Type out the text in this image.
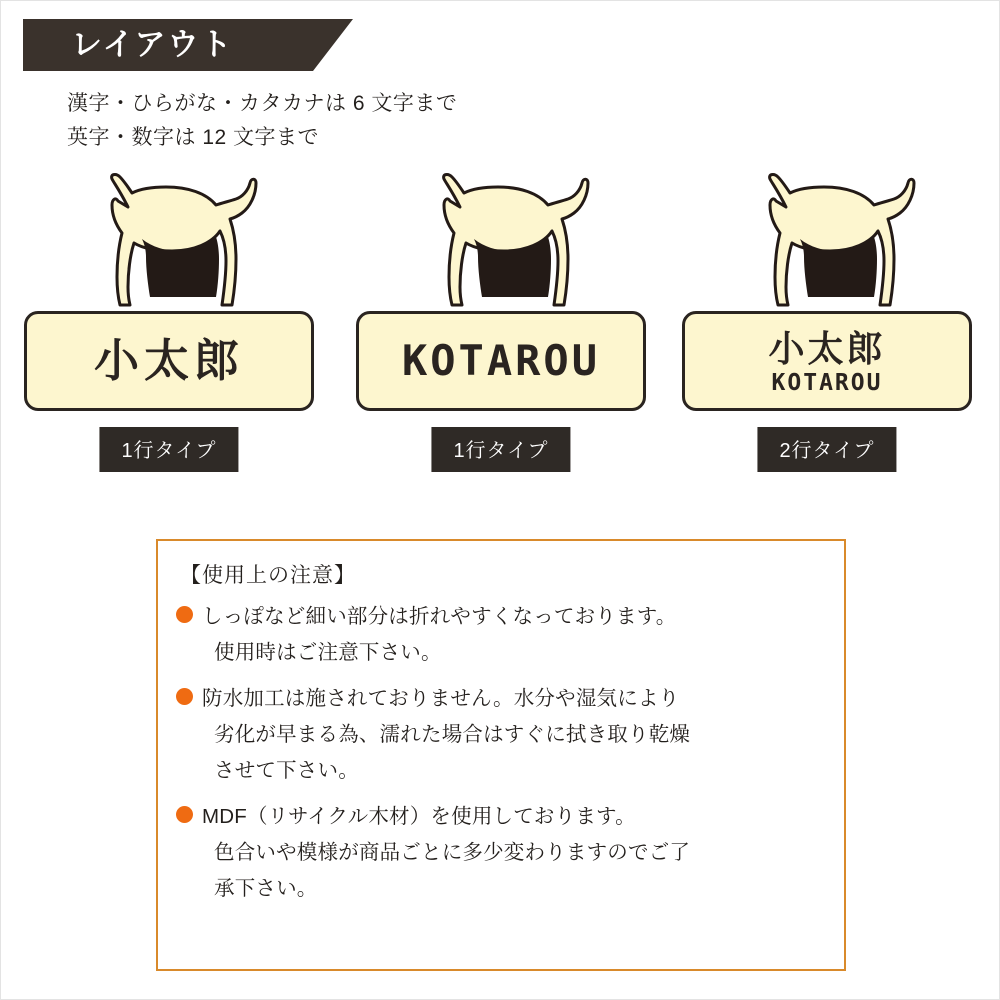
レイアウト
漢字・ひらがな・カタカナは 6 文字まで
英字・数字は 12 文字まで
小太郎
1行タイプ
KOTAROU
1行タイプ
小太郎
KOTAROU
2行タイプ
【使用上の注意】
しっぽなど細い部分は折れやすくなっております。
使用時はご注意下さい。
防水加工は施されておりません。水分や湿気により
劣化が早まる為、濡れた場合はすぐに拭き取り乾燥
させて下さい。
MDF（リサイクル木材）を使用しております。
色合いや模様が商品ごとに多少変わりますのでご了
承下さい。
